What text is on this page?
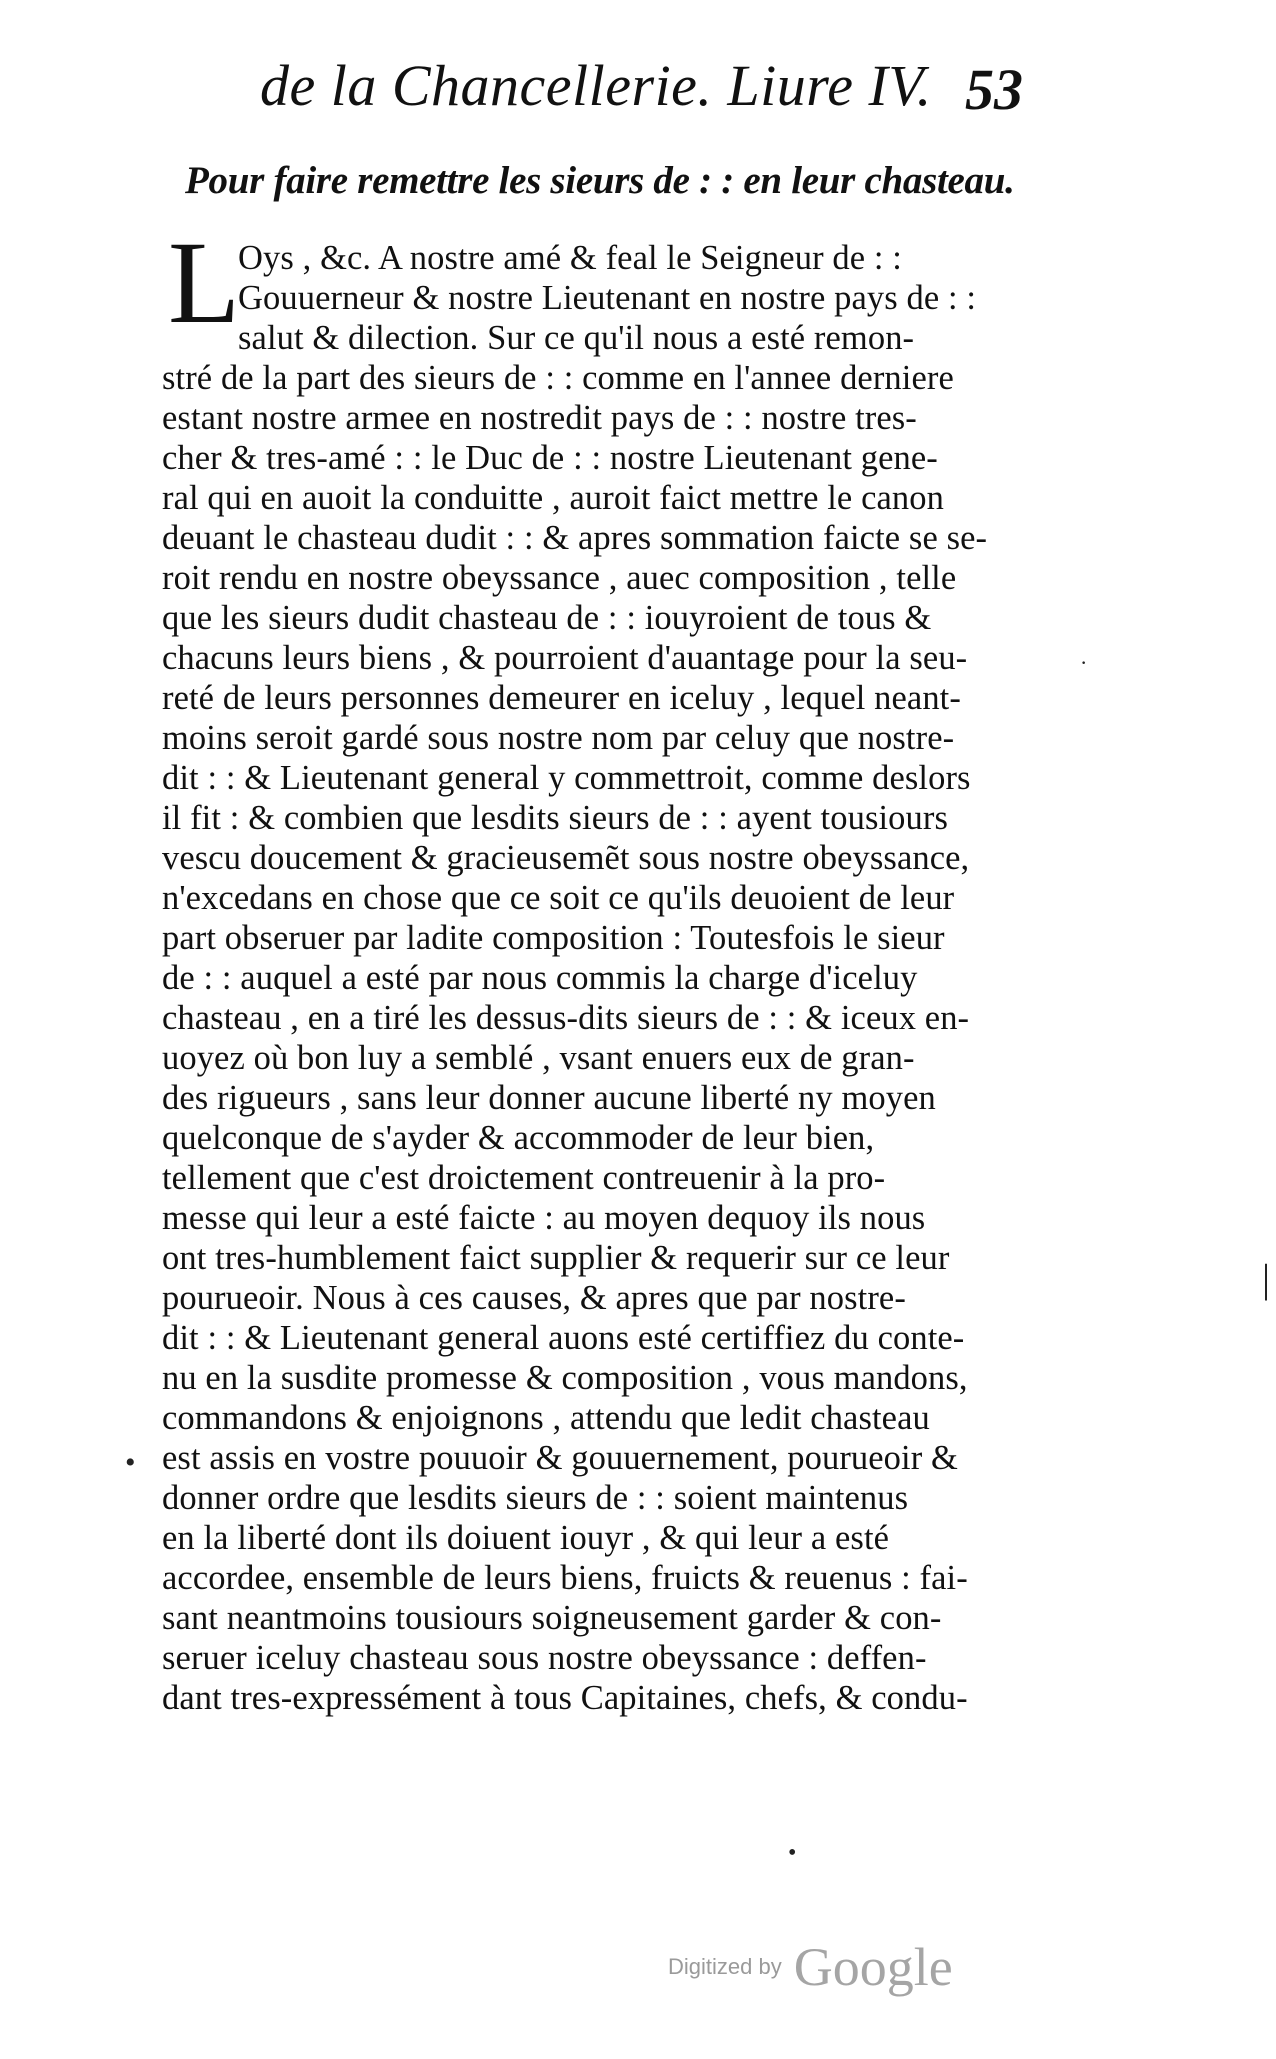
de la Chancellerie. Liure IV. 53
Pour faire remettre les sieurs de : : en leur chasteau.
L
Oys , &c. A nostre amé & feal le Seigneur de : :
Gouuerneur & nostre Lieutenant en nostre pays de : :
salut & dilection. Sur ce qu'il nous a esté remon-
stré de la part des sieurs de : : comme en l'annee derniere
estant nostre armee en nostredit pays de : : nostre tres-
cher & tres-amé : : le Duc de : : nostre Lieutenant gene-
ral qui en auoit la conduitte , auroit faict mettre le canon
deuant le chasteau dudit : : & apres sommation faicte se se-
roit rendu en nostre obeyssance , auec composition , telle
que les sieurs dudit chasteau de : : iouyroient de tous &
chacuns leurs biens , & pourroient d'auantage pour la seu-
reté de leurs personnes demeurer en iceluy , lequel neant-
moins seroit gardé sous nostre nom par celuy que nostre-
dit : : & Lieutenant general y commettroit, comme deslors
il fit : & combien que lesdits sieurs de : : ayent tousiours
vescu doucement & gracieusemẽt sous nostre obeyssance,
n'excedans en chose que ce soit ce qu'ils deuoient de leur
part obseruer par ladite composition : Toutesfois le sieur
de : : auquel a esté par nous commis la charge d'iceluy
chasteau , en a tiré les dessus-dits sieurs de : : & iceux en-
uoyez où bon luy a semblé , vsant enuers eux de gran-
des rigueurs , sans leur donner aucune liberté ny moyen
quelconque de s'ayder & accommoder de leur bien,
tellement que c'est droictement contreuenir à la pro-
messe qui leur a esté faicte : au moyen dequoy ils nous
ont tres-humblement faict supplier & requerir sur ce leur
pourueoir. Nous à ces causes, & apres que par nostre-
dit : : & Lieutenant general auons esté certiffiez du conte-
nu en la susdite promesse & composition , vous mandons,
commandons & enjoignons , attendu que ledit chasteau
est assis en vostre pouuoir & gouuernement, pourueoir &
donner ordre que lesdits sieurs de : : soient maintenus
en la liberté dont ils doiuent iouyr , & qui leur a esté
accordee, ensemble de leurs biens, fruicts & reuenus : fai-
sant neantmoins tousiours soigneusement garder & con-
seruer iceluy chasteau sous nostre obeyssance : deffen-
dant tres-expressément à tous Capitaines, chefs, & condu-
·
|
•
•
Digitized by Google
